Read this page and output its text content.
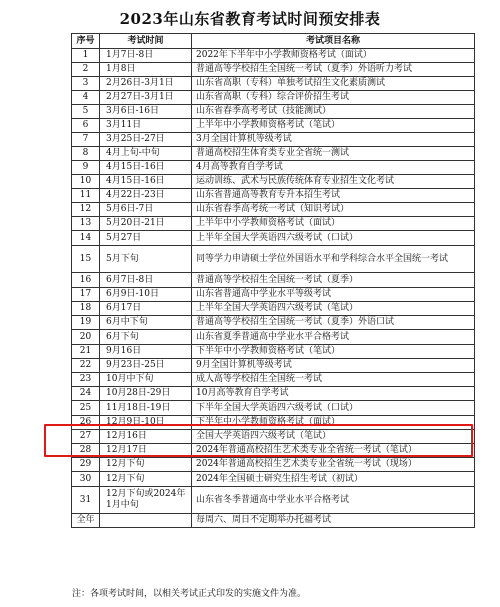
2023年山东省教育考试时间预安排表
序号	考试时间	考试项目名称
1	1月7日-8日	2022年下半年中小学教师资格考试（面试）
2	1月8日	普通高等学校招生全国统一考试（夏季）外语听力考试
3	2月26日-3月1日	山东省高职（专科）单独考试招生文化素质测试
4	2月27日-3月1日	山东省高职（专科）综合评价招生考试
5	3月6日-16日	山东省春季高考考试（技能测试）
6	3月11日	上半年中小学教师资格考试（笔试）
7	3月25日-27日	3月全国计算机等级考试
8	4月上旬-中旬	普通高校招生体育类专业全省统一测试
9	4月15日-16日	4月高等教育自学考试
10	4月15日-16日	运动训练、武术与民族传统体育专业招生文化考试
11	4月22日-23日	山东省普通高等教育专升本招生考试
12	5月6日-7日	山东省春季高考统一考试（知识考试）
13	5月20日-21日	上半年中小学教师资格考试（面试）
14	5月27日	上半年全国大学英语四六级考试（口试）
15	5月下旬	同等学力申请硕士学位外国语水平和学科综合水平全国统一考试
16	6月7日-8日	普通高等学校招生全国统一考试（夏季）
17	6月9日-10日	山东省普通高中学业水平等级考试
18	6月17日	上半年全国大学英语四六级考试（笔试）
19	6月中下旬	普通高等学校招生全国统一考试（夏季）外语口试
20	6月下旬	山东省夏季普通高中学业水平合格考试
21	9月16日	下半年中小学教师资格考试（笔试）
22	9月23日-25日	9月全国计算机等级考试
23	10月中下旬	成人高等学校招生全国统一考试
24	10月28日-29日	10月高等教育自学考试
25	11月18日-19日	下半年全国大学英语四六级考试（口试）
26	12月9日-10日	下半年中小学教师资格考试（面试）
27	12月16日	全国大学英语四六级考试（笔试）
28	12月17日	2024年普通高校招生艺术类专业全省统一考试（笔试）
29	12月下旬	2024年普通高校招生艺术类专业全省统一考试（现场）
30	12月下旬	2024年全国硕士研究生招生考试（初试）
31	12月下旬或2024年1月中旬	山东省冬季普通高中学业水平合格考试
全年		每周六、周日不定期举办托福考试
注：各项考试时间，以相关考试正式印发的实施文件为准。
